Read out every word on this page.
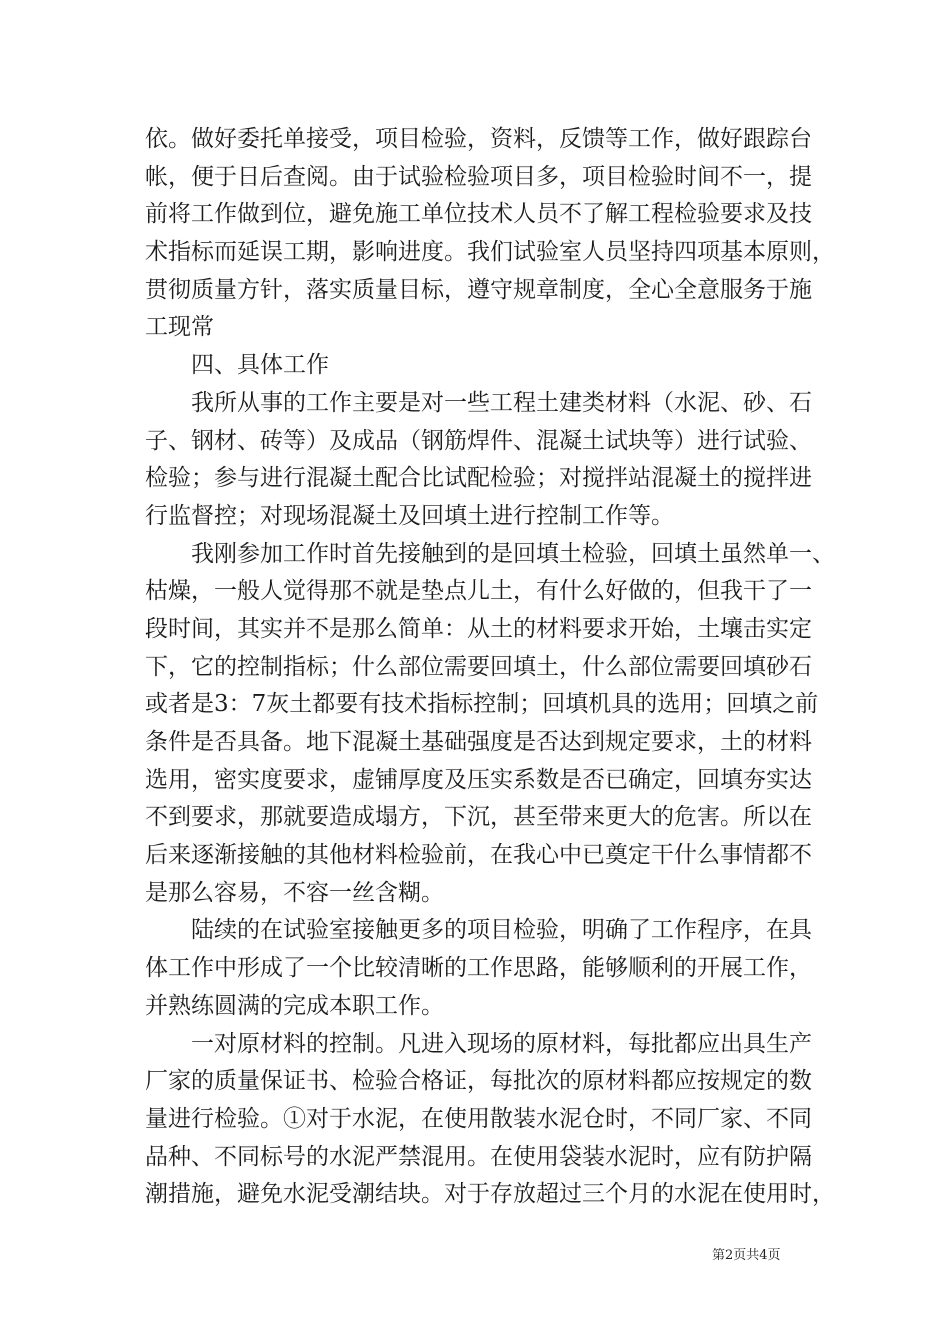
依。做好委托单接受，项目检验，资料，反馈等工作，做好跟踪台
帐，便于日后查阅。由于试验检验项目多，项目检验时间不一，提
前将工作做到位，避免施工单位技术人员不了解工程检验要求及技
术指标而延误工期，影响进度。我们试验室人员坚持四项基本原则，
贯彻质量方针，落实质量目标，遵守规章制度，全心全意服务于施
工现常
四、具体工作
我所从事的工作主要是对一些工程土建类材料（水泥、砂、石
子、钢材、砖等）及成品（钢筋焊件、混凝土试块等）进行试验、
检验；参与进行混凝土配合比试配检验；对搅拌站混凝土的搅拌进
行监督控；对现场混凝土及回填土进行控制工作等。
我刚参加工作时首先接触到的是回填土检验，回填土虽然单一、
枯燥，一般人觉得那不就是垫点儿土，有什么好做的，但我干了一
段时间，其实并不是那么简单：从土的材料要求开始，土壤击实定
下，它的控制指标；什么部位需要回填土，什么部位需要回填砂石
或者是3：7灰土都要有技术指标控制；回填机具的选用；回填之前
条件是否具备。地下混凝土基础强度是否达到规定要求，土的材料
选用，密实度要求，虚铺厚度及压实系数是否已确定，回填夯实达
不到要求，那就要造成塌方，下沉，甚至带来更大的危害。所以在
后来逐渐接触的其他材料检验前，在我心中已奠定干什么事情都不
是那么容易，不容一丝含糊。
陆续的在试验室接触更多的项目检验，明确了工作程序，在具
体工作中形成了一个比较清晰的工作思路，能够顺利的开展工作，
并熟练圆满的完成本职工作。
一对原材料的控制。凡进入现场的原材料，每批都应出具生产
厂家的质量保证书、检验合格证，每批次的原材料都应按规定的数
量进行检验。①对于水泥，在使用散装水泥仓时，不同厂家、不同
品种、不同标号的水泥严禁混用。在使用袋装水泥时，应有防护隔
潮措施，避免水泥受潮结块。对于存放超过三个月的水泥在使用时，
第2页共4页
